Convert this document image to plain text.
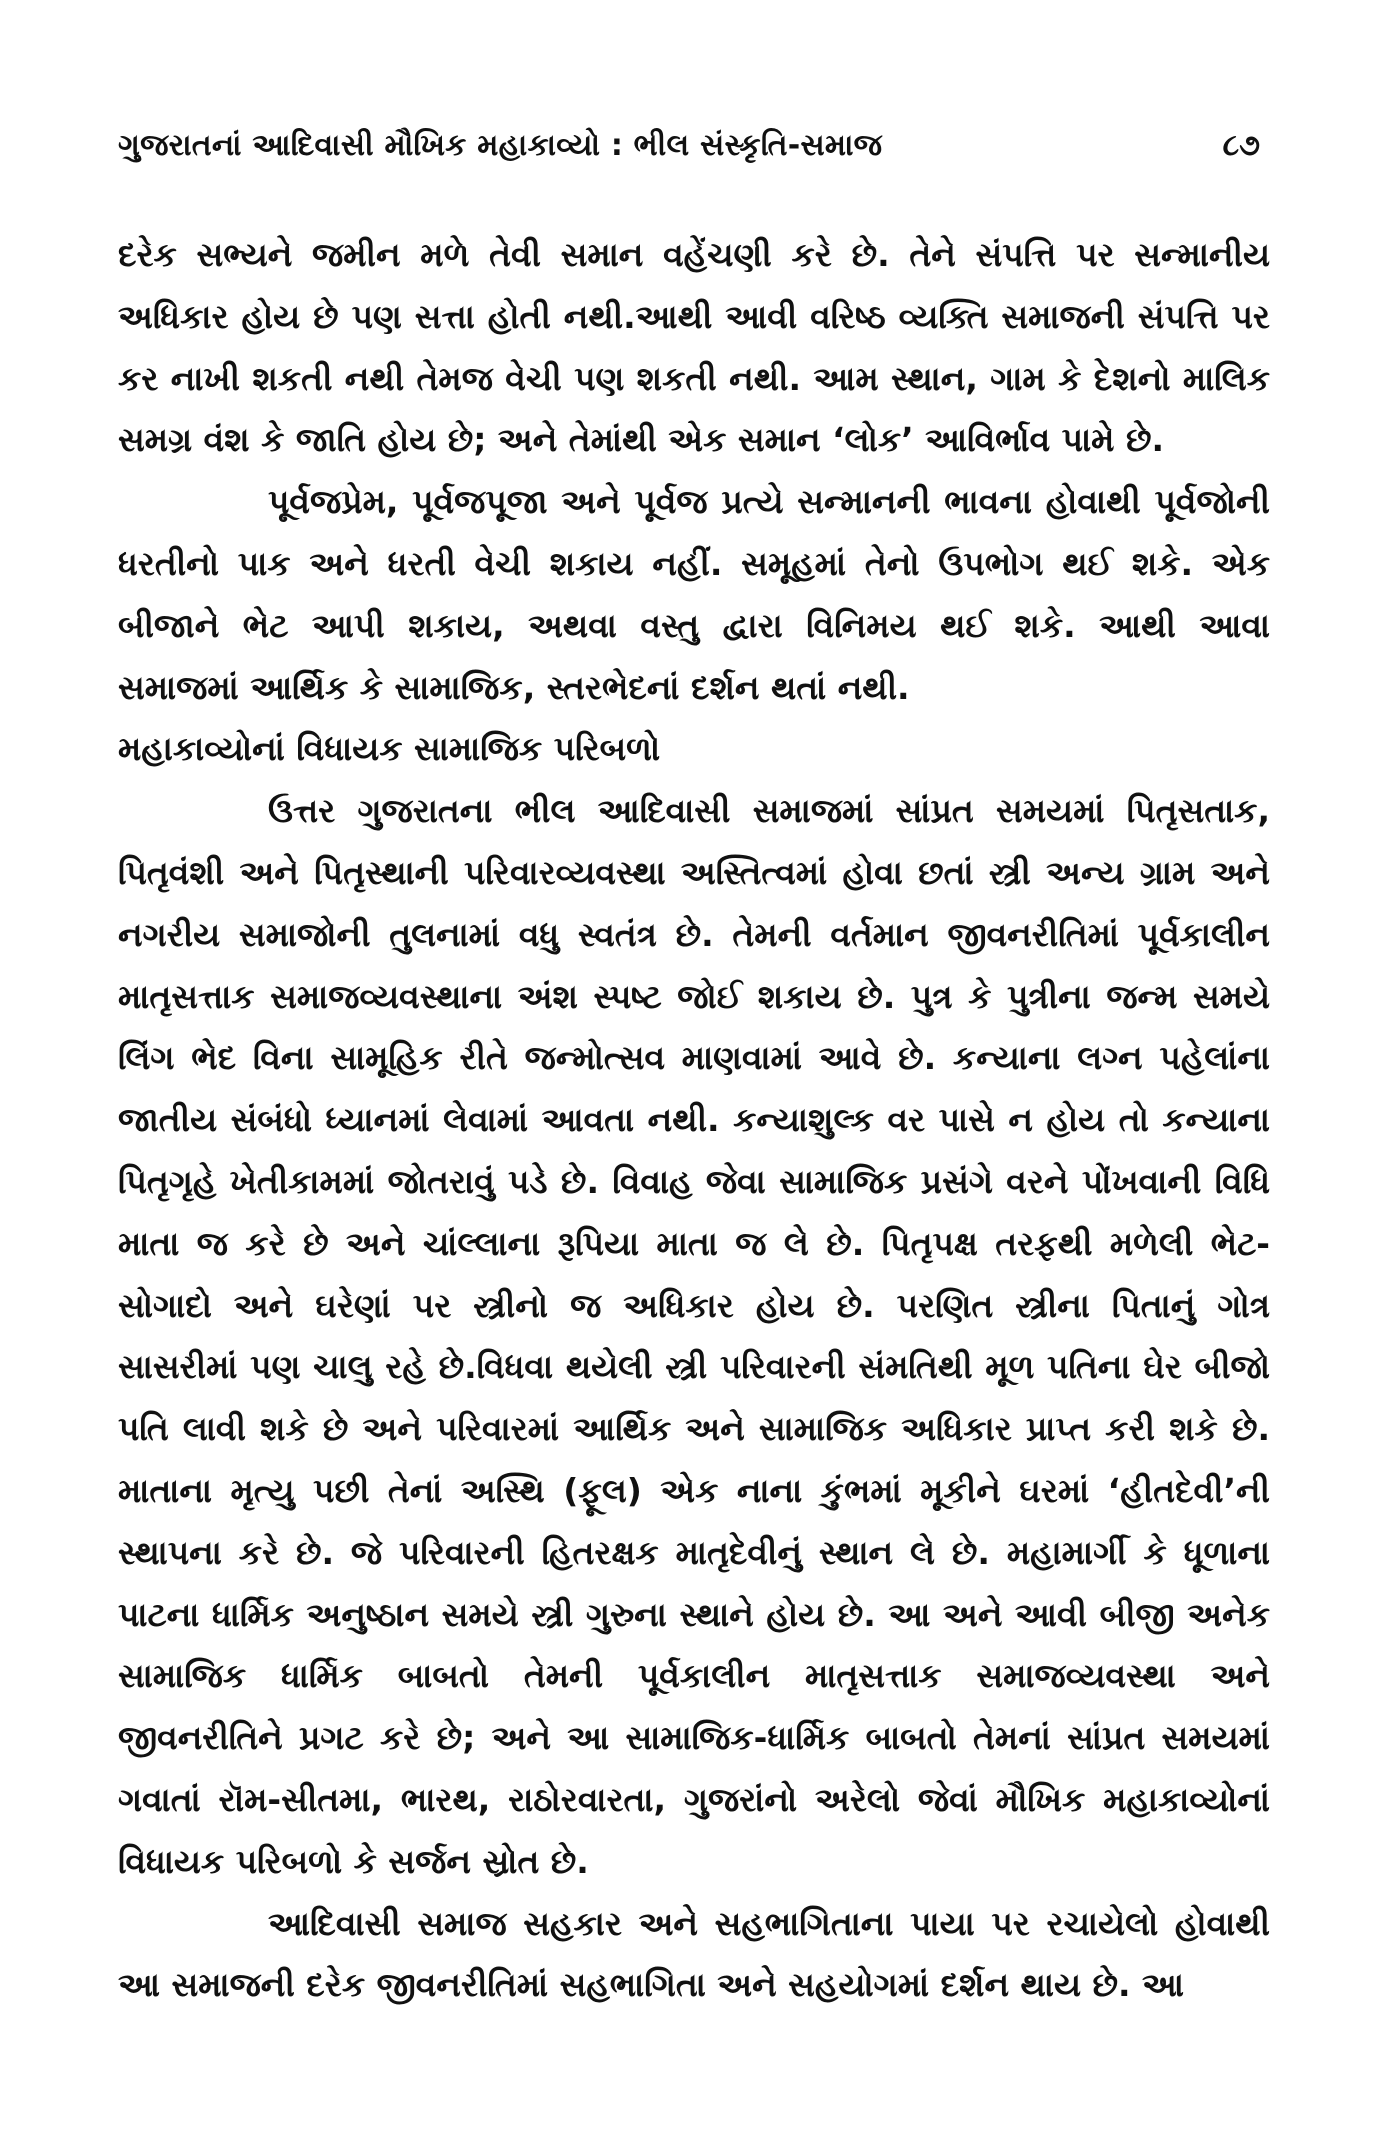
ગુજરાતનાં આદિવાસી મૌખિક મહાકાવ્યો : ભીલ સંસ્કૃતિ-સમાજ	૮૭

દરેક સભ્યને જમીન મળે તેવી સમાન વહેંચણી કરે છે. તેને સંપત્તિ પર સન્માનીય અધિકાર હોય છે પણ સત્તા હોતી નથી.આથી આવી વરિષ્ઠ વ્યક્તિ સમાજની સંપત્તિ પર કર નાખી શકતી નથી તેમજ વેચી પણ શકતી નથી. આમ સ્થાન, ગામ કે દેશનો માલિક સમગ્ર વંશ કે જાતિ હોય છે; અને તેમાંથી એક સમાન ‘લોક’ આવિર્ભાવ પામે છે.

પૂર્વજપ્રેમ, પૂર્વજપૂજા અને પૂર્વજ પ્રત્યે સન્માનની ભાવના હોવાથી પૂર્વજોની ધરતીનો પાક અને ધરતી વેચી શકાય નહીં. સમૂહમાં તેનો ઉપભોગ થઈ શકે. એક બીજાને ભેટ આપી શકાય, અથવા વસ્તુ દ્વારા વિનિમય થઈ શકે. આથી આવા સમાજમાં આર્થિક કે સામાજિક, સ્તરભેદનાં દર્શન થતાં નથી.

મહાકાવ્યોનાં વિધાયક સામાજિક પરિબળો

ઉત્તર ગુજરાતના ભીલ આદિવાસી સમાજમાં સાંપ્રત સમયમાં પિતૃસતાક, પિતૃવંશી અને પિતૃસ્થાની પરિવારવ્યવસ્થા અસ્તિત્વમાં હોવા છતાં સ્ત્રી અન્ય ગ્રામ અને નગરીય સમાજોની તુલનામાં વધુ સ્વતંત્ર છે. તેમની વર્તમાન જીવનરીતિમાં પૂર્વકાલીન માતૃસત્તાક સમાજવ્યવસ્થાના અંશ સ્પષ્ટ જોઈ શકાય છે. પુત્ર કે પુત્રીના જન્મ સમયે લિંગ ભેદ વિના સામૂહિક રીતે જન્મોત્સવ માણવામાં આવે છે. કન્યાના લગ્ન પહેલાંના જાતીય સંબંધો ધ્યાનમાં લેવામાં આવતા નથી. કન્યાશુલ્ક વર પાસે ન હોય તો કન્યાના પિતૃગૃહે ખેતીકામમાં જોતરાવું પડે છે. વિવાહ જેવા સામાજિક પ્રસંગે વરને પોંખવાની વિધિ માતા જ કરે છે અને ચાંલ્લાના રૂપિયા માતા જ લે છે. પિતૃપક્ષ તરફથી મળેલી ભેટ-સોગાદો અને ઘરેણાં પર સ્ત્રીનો જ અધિકાર હોય છે. પરણિત સ્ત્રીના પિતાનું ગોત્ર સાસરીમાં પણ ચાલુ રહે છે.વિધવા થયેલી સ્ત્રી પરિવારની સંમતિથી મૂળ પતિના ઘેર બીજો પતિ લાવી શકે છે અને પરિવારમાં આર્થિક અને સામાજિક અધિકાર પ્રાપ્ત કરી શકે છે. માતાના મૃત્યુ પછી તેનાં અસ્થિ (ફૂલ) એક નાના કુંભમાં મૂકીને ઘરમાં ‘હીતદેવી’ની સ્થાપના કરે છે. જે પરિવારની હિતરક્ષક માતૃદેવીનું સ્થાન લે છે. મહામાર્ગી કે ધૂળાના પાટના ધાર્મિક અનુષ્ઠાન સમયે સ્ત્રી ગુરુના સ્થાને હોય છે. આ અને આવી બીજી અનેક સામાજિક ધાર્મિક બાબતો તેમની પૂર્વકાલીન માતૃસત્તાક સમાજવ્યવસ્થા અને જીવનરીતિને પ્રગટ કરે છે; અને આ સામાજિક-ધાર્મિક બાબતો તેમનાં સાંપ્રત સમયમાં ગવાતાં રૉમ-સીતમા, ભારથ, રાઠોરવારતા, ગુજરાંનો અરેલો જેવાં મૌખિક મહાકાવ્યોનાં વિધાયક પરિબળો કે સર્જન સ્રોત છે.

આદિવાસી સમાજ સહકાર અને સહભાગિતાના પાયા પર રચાયેલો હોવાથી આ સમાજની દરેક જીવનરીતિમાં સહભાગિતા અને સહયોગમાં દર્શન થાય છે. આ
